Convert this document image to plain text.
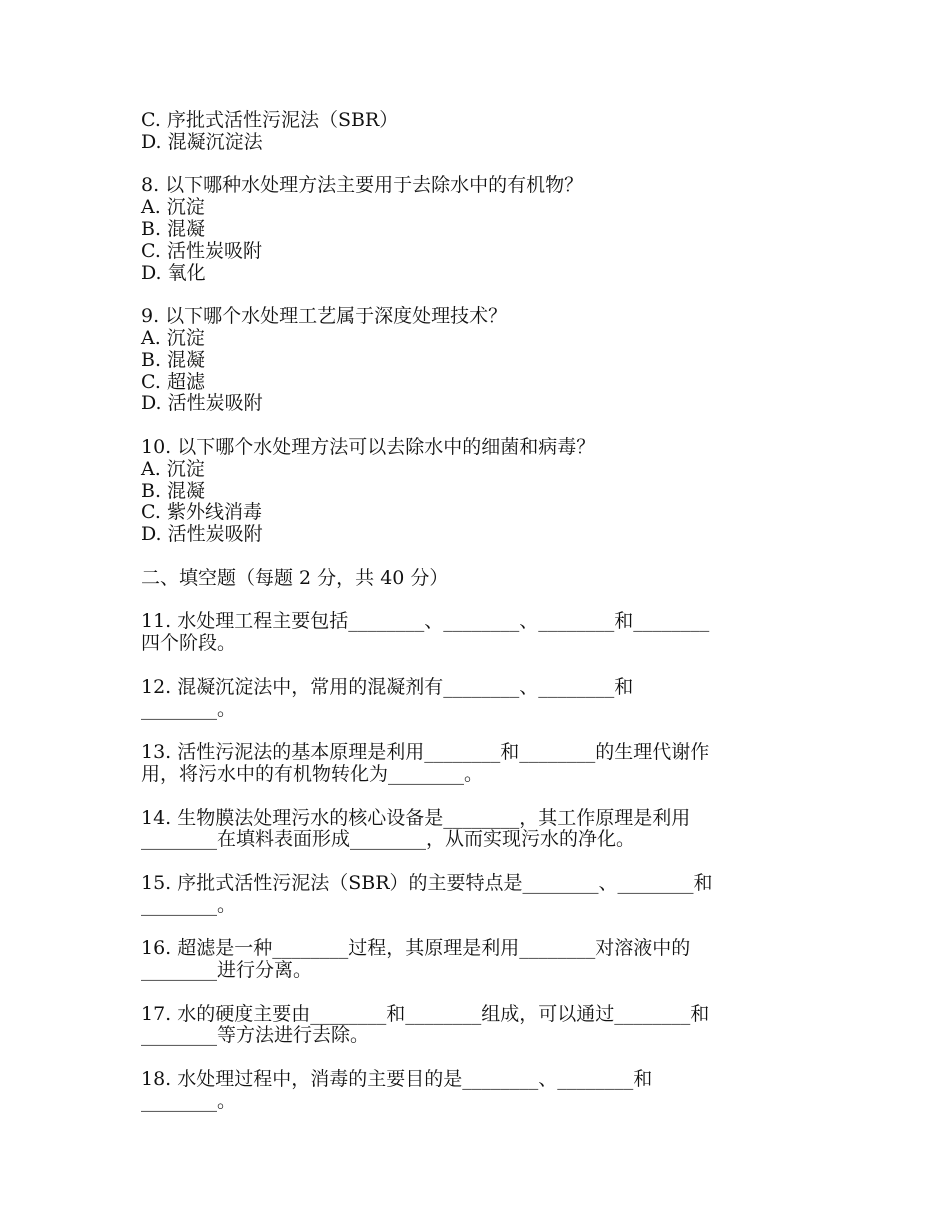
C. 序批式活性污泥法（SBR）
D. 混凝沉淀法
8. 以下哪种水处理方法主要用于去除水中的有机物？
A. 沉淀
B. 混凝
C. 活性炭吸附
D. 氧化
9. 以下哪个水处理工艺属于深度处理技术？
A. 沉淀
B. 混凝
C. 超滤
D. 活性炭吸附
10. 以下哪个水处理方法可以去除水中的细菌和病毒？
A. 沉淀
B. 混凝
C. 紫外线消毒
D. 活性炭吸附
二、填空题（每题 2 分，共 40 分）
11. 水处理工程主要包括________、________、________和________
四个阶段。
12. 混凝沉淀法中，常用的混凝剂有________、________和
________。
13. 活性污泥法的基本原理是利用________和________的生理代谢作
用，将污水中的有机物转化为________。
14. 生物膜法处理污水的核心设备是________，其工作原理是利用
________在填料表面形成________，从而实现污水的净化。
15. 序批式活性污泥法（SBR）的主要特点是________、________和
________。
16. 超滤是一种________过程，其原理是利用________对溶液中的
________进行分离。
17. 水的硬度主要由________和________组成，可以通过________和
________等方法进行去除。
18. 水处理过程中，消毒的主要目的是________、________和
________。
